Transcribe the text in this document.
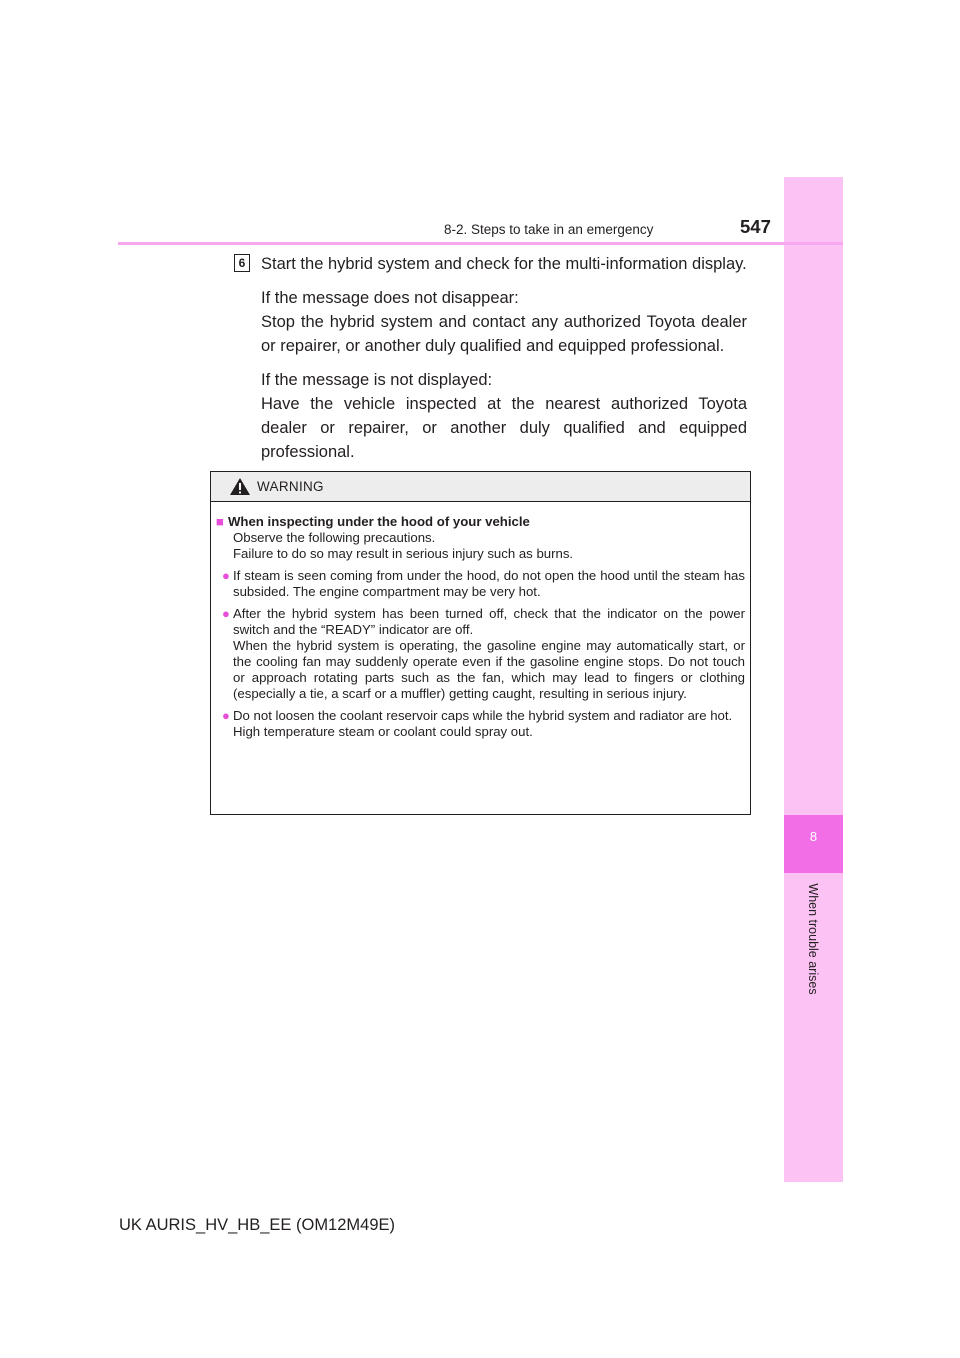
8
When trouble arises
8-2. Steps to take in an emergency	547
6 Start the hybrid system and check for the multi-information display.

If the message does not disappear:
Stop the hybrid system and contact any authorized Toyota dealer or repairer, or another duly qualified and equipped professional.

If the message is not displayed:
Have the vehicle inspected at the nearest authorized Toyota dealer or repairer, or another duly qualified and equipped professional.

WARNING
■ When inspecting under the hood of your vehicle
Observe the following precautions.
Failure to do so may result in serious injury such as burns.
● If steam is seen coming from under the hood, do not open the hood until the steam has subsided. The engine compartment may be very hot.
● After the hybrid system has been turned off, check that the indicator on the power switch and the “READY” indicator are off.
When the hybrid system is operating, the gasoline engine may automatically start, or the cooling fan may suddenly operate even if the gasoline engine stops. Do not touch or approach rotating parts such as the fan, which may lead to fingers or clothing (especially a tie, a scarf or a muffler) getting caught, resulting in serious injury.
● Do not loosen the coolant reservoir caps while the hybrid system and radiator are hot.
High temperature steam or coolant could spray out.
UK AURIS_HV_HB_EE (OM12M49E)
